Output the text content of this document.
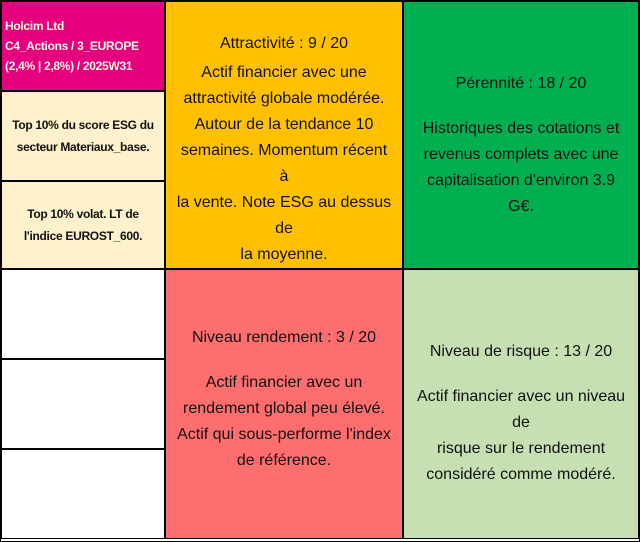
Holcim Ltd
C4_Actions / 3_EUROPE
(2,4% | 2,8%) / 2025W31
Top 10% du score ESG du
secteur Materiaux_base.
Top 10% volat. LT de
l'indice EUROST_600.
Attractivité : 9 / 20
Actif financier avec une
attractivité globale modérée.
Autour de la tendance 10
semaines. Momentum récent à
la vente. Note ESG au dessus de
la moyenne.
Pérennité : 18 / 20
Historiques des cotations et
revenus complets avec une
capitalisation d'environ 3.9 G€.
Niveau rendement : 3 / 20
Actif financier avec un
rendement global peu élevé.
Actif qui sous-performe l'index
de référence.
Niveau de risque : 13 / 20
Actif financier avec un niveau de
risque sur le rendement
considéré comme modéré.
